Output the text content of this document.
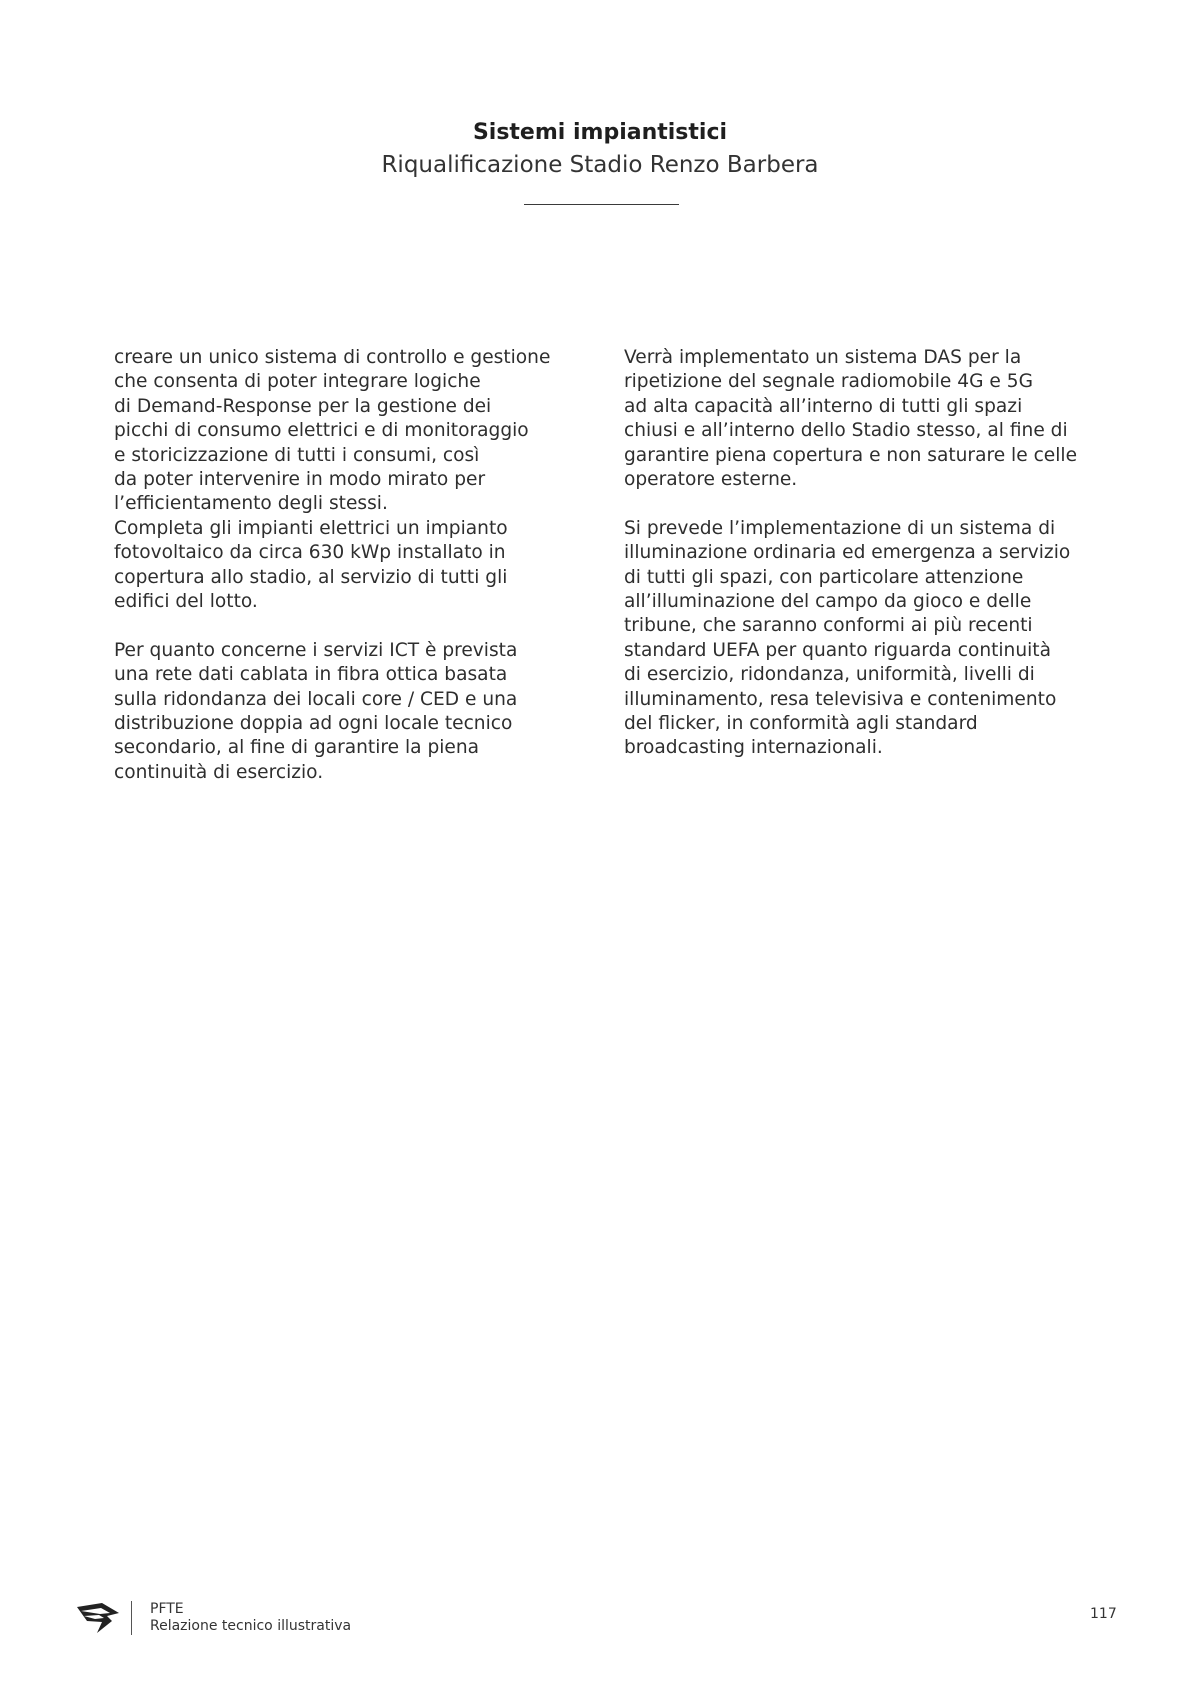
Sistemi impiantistici
Riqualificazione Stadio Renzo Barbera

creare un unico sistema di controllo e gestione
che consenta di poter integrare logiche
di Demand-Response per la gestione dei
picchi di consumo elettrici e di monitoraggio
e storicizzazione di tutti i consumi, così
da poter intervenire in modo mirato per
l’efficientamento degli stessi.
Completa gli impianti elettrici un impianto
fotovoltaico da circa 630 kWp installato in
copertura allo stadio, al servizio di tutti gli
edifici del lotto.

Per quanto concerne i servizi ICT è prevista
una rete dati cablata in fibra ottica basata
sulla ridondanza dei locali core / CED e una
distribuzione doppia ad ogni locale tecnico
secondario, al fine di garantire la piena
continuità di esercizio.

Verrà implementato un sistema DAS per la
ripetizione del segnale radiomobile 4G e 5G
ad alta capacità all’interno di tutti gli spazi
chiusi e all’interno dello Stadio stesso, al fine di
garantire piena copertura e non saturare le celle
operatore esterne.

Si prevede l’implementazione di un sistema di
illuminazione ordinaria ed emergenza a servizio
di tutti gli spazi, con particolare attenzione
all’illuminazione del campo da gioco e delle
tribune, che saranno conformi ai più recenti
standard UEFA per quanto riguarda continuità
di esercizio, ridondanza, uniformità, livelli di
illuminamento, resa televisiva e contenimento
del flicker, in conformità agli standard
broadcasting internazionali.

PFTE
Relazione tecnico illustrativa
117
